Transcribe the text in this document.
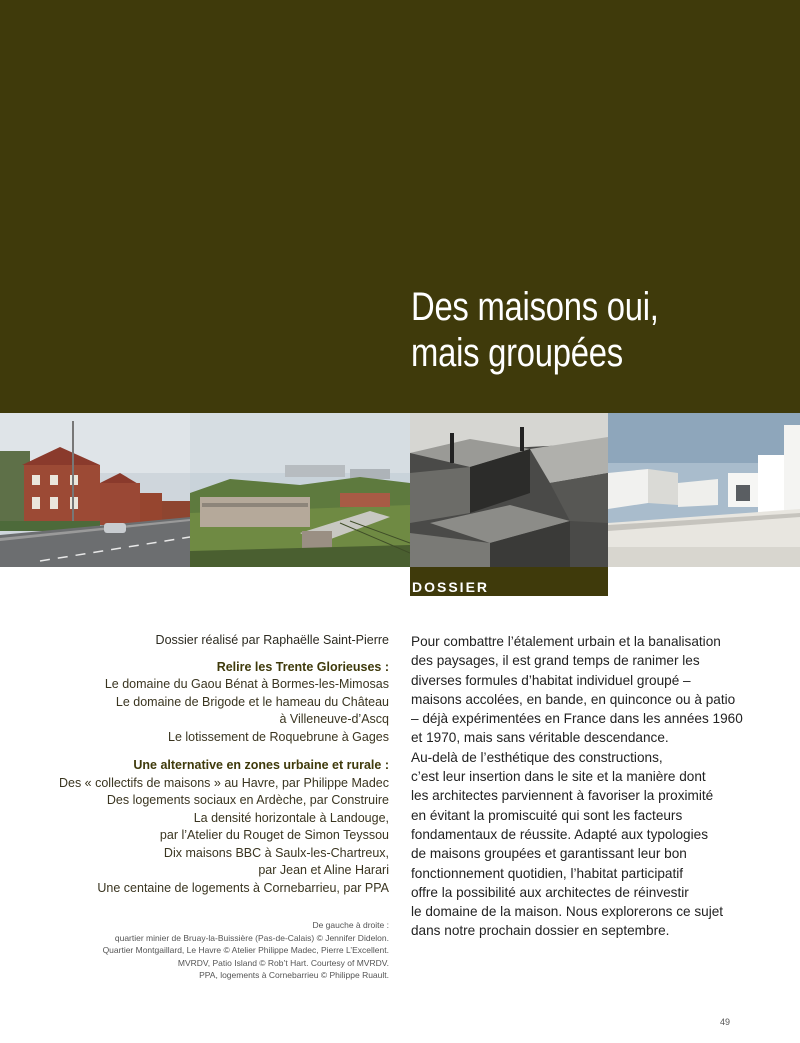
Des maisons oui,
mais groupées
DOSSIER
Dossier réalisé par Raphaëlle Saint-Pierre
Relire les Trente Glorieuses :
Le domaine du Gaou Bénat à Bormes-les-Mimosas
Le domaine de Brigode et le hameau du Château
à Villeneuve-d’Ascq
Le lotissement de Roquebrune à Gages
Une alternative en zones urbaine et rurale :
Des « collectifs de maisons » au Havre, par Philippe Madec
Des logements sociaux en Ardèche, par Construire
La densité horizontale à Landouge,
par l’Atelier du Rouget de Simon Teyssou
Dix maisons BBC à Saulx-les-Chartreux,
par Jean et Aline Harari
Une centaine de logements à Cornebarrieu, par PPA
De gauche à droite :
quartier minier de Bruay-la-Buissière (Pas-de-Calais) © Jennifer Didelon.
Quartier Montgaillard, Le Havre © Atelier Philippe Madec, Pierre L’Excellent.
MVRDV, Patio Island © Rob’t Hart. Courtesy of MVRDV.
PPA, logements à Cornebarrieu © Philippe Ruault.

Pour combattre l’étalement urbain et la banalisation

des paysages, il est grand temps de ranimer les

diverses formules d’habitat individuel groupé –

maisons accolées, en bande, en quinconce ou à patio

– déjà expérimentées en France dans les années 1960

et 1970, mais sans véritable descendance.

Au-delà de l’esthétique des constructions,

c’est leur insertion dans le site et la manière dont

les architectes parviennent à favoriser la proximité

en évitant la promiscuité qui sont les facteurs

fondamentaux de réussite. Adapté aux typologies

de maisons groupées et garantissant leur bon

fonctionnement quotidien, l’habitat participatif

offre la possibilité aux architectes de réinvestir

le domaine de la maison. Nous explorerons ce sujet

dans notre prochain dossier en septembre.

49
